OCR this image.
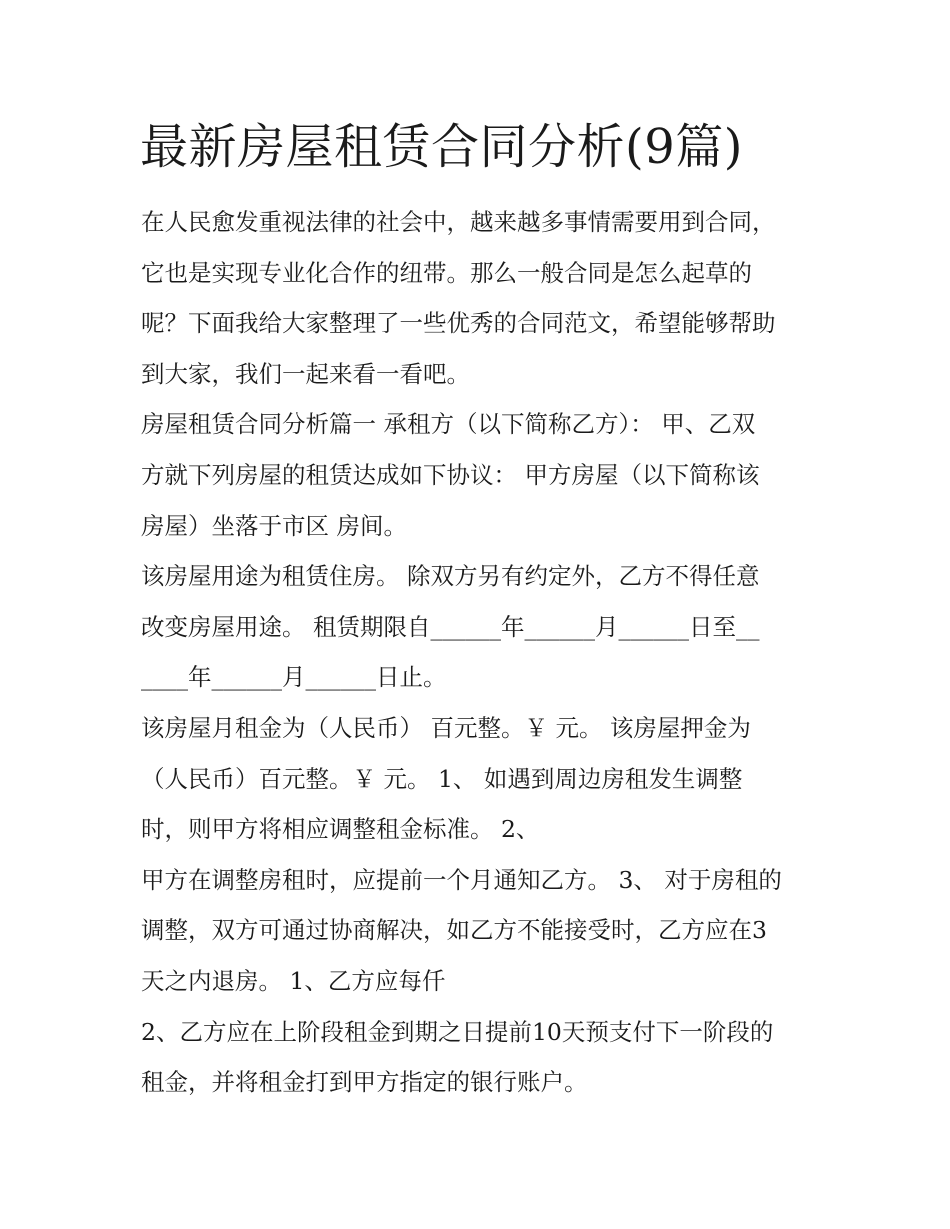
最新房屋租赁合同分析(9篇)
在人民愈发重视法律的社会中，越来越多事情需要用到合同，
它也是实现专业化合作的纽带。那么一般合同是怎么起草的
呢？下面我给大家整理了一些优秀的合同范文，希望能够帮助
到大家，我们一起来看一看吧。
房屋租赁合同分析篇一 承租方（以下简称乙方）： 甲、乙双
方就下列房屋的租赁达成如下协议： 甲方房屋（以下简称该
房屋）坐落于市区 房间。
该房屋用途为租赁住房。 除双方另有约定外，乙方不得任意
改变房屋用途。 租赁期限自______年______月______日至__
____年______月______日止。
该房屋月租金为（人民币） 百元整。￥ 元。 该房屋押金为
（人民币）百元整。￥ 元。 1、 如遇到周边房租发生调整
时，则甲方将相应调整租金标准。 2、
甲方在调整房租时，应提前一个月通知乙方。 3、 对于房租的
调整，双方可通过协商解决，如乙方不能接受时，乙方应在3
天之内退房。 1、乙方应每仟
2、乙方应在上阶段租金到期之日提前10天预支付下一阶段的
租金，并将租金打到甲方指定的银行账户。
